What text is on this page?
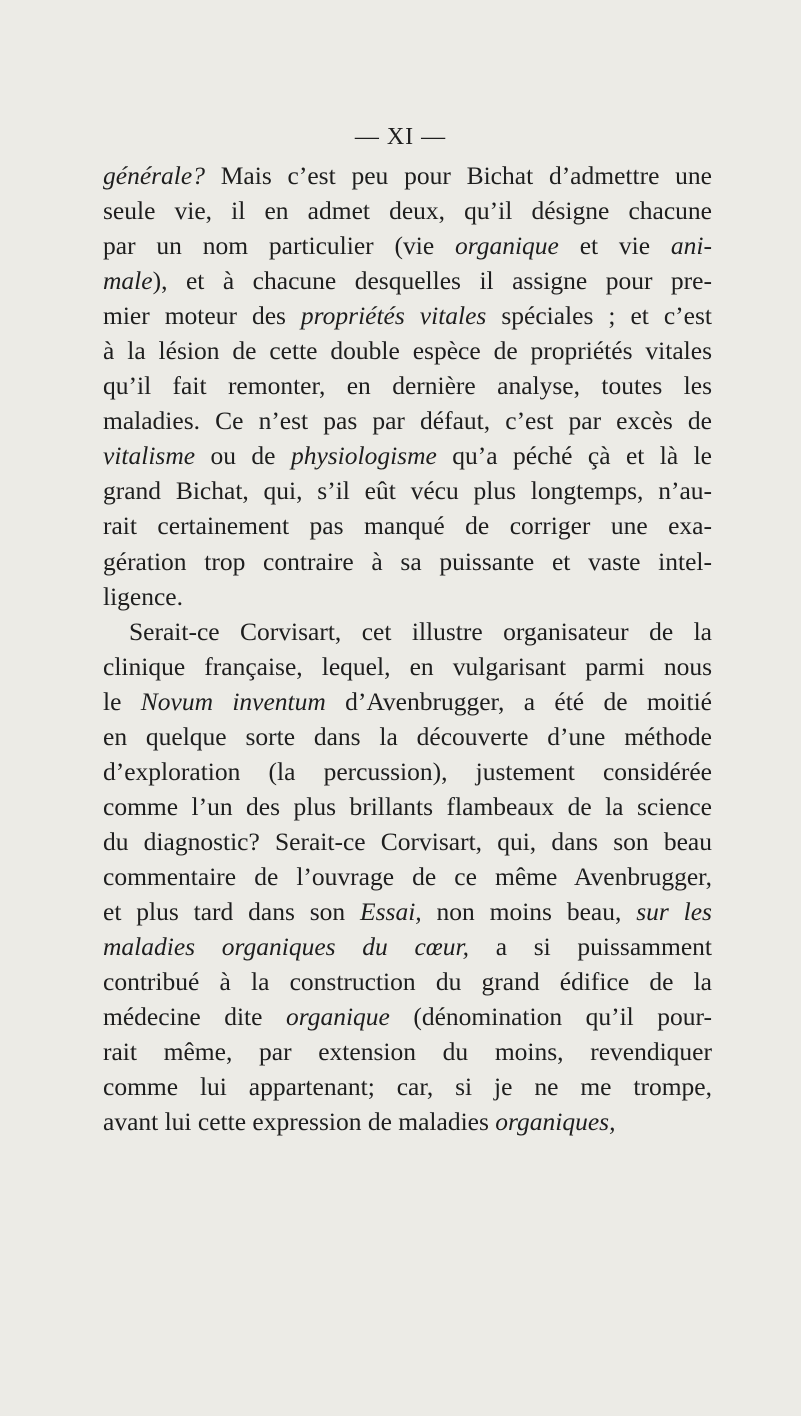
— XI —
générale? Mais c’est peu pour Bichat d’admettre une
seule vie, il en admet deux, qu’il désigne chacune
par un nom particulier (vie organique et vie ani-
male), et à chacune desquelles il assigne pour pre-
mier moteur des propriétés vitales spéciales ; et c’est
à la lésion de cette double espèce de propriétés vitales
qu’il fait remonter, en dernière analyse, toutes les
maladies. Ce n’est pas par défaut, c’est par excès de
vitalisme ou de physiologisme qu’a péché çà et là le
grand Bichat, qui, s’il eût vécu plus longtemps, n’au-
rait certainement pas manqué de corriger une exa-
gération trop contraire à sa puissante et vaste intel-
ligence.
Serait-ce Corvisart, cet illustre organisateur de la
clinique française, lequel, en vulgarisant parmi nous
le Novum inventum d’Avenbrugger, a été de moitié
en quelque sorte dans la découverte d’une méthode
d’exploration (la percussion), justement considérée
comme l’un des plus brillants flambeaux de la science
du diagnostic? Serait-ce Corvisart, qui, dans son beau
commentaire de l’ouvrage de ce même Avenbrugger,
et plus tard dans son Essai, non moins beau, sur les
maladies organiques du cœur, a si puissamment
contribué à la construction du grand édifice de la
médecine dite organique (dénomination qu’il pour-
rait même, par extension du moins, revendiquer
comme lui appartenant; car, si je ne me trompe,
avant lui cette expression de maladies organiques,
